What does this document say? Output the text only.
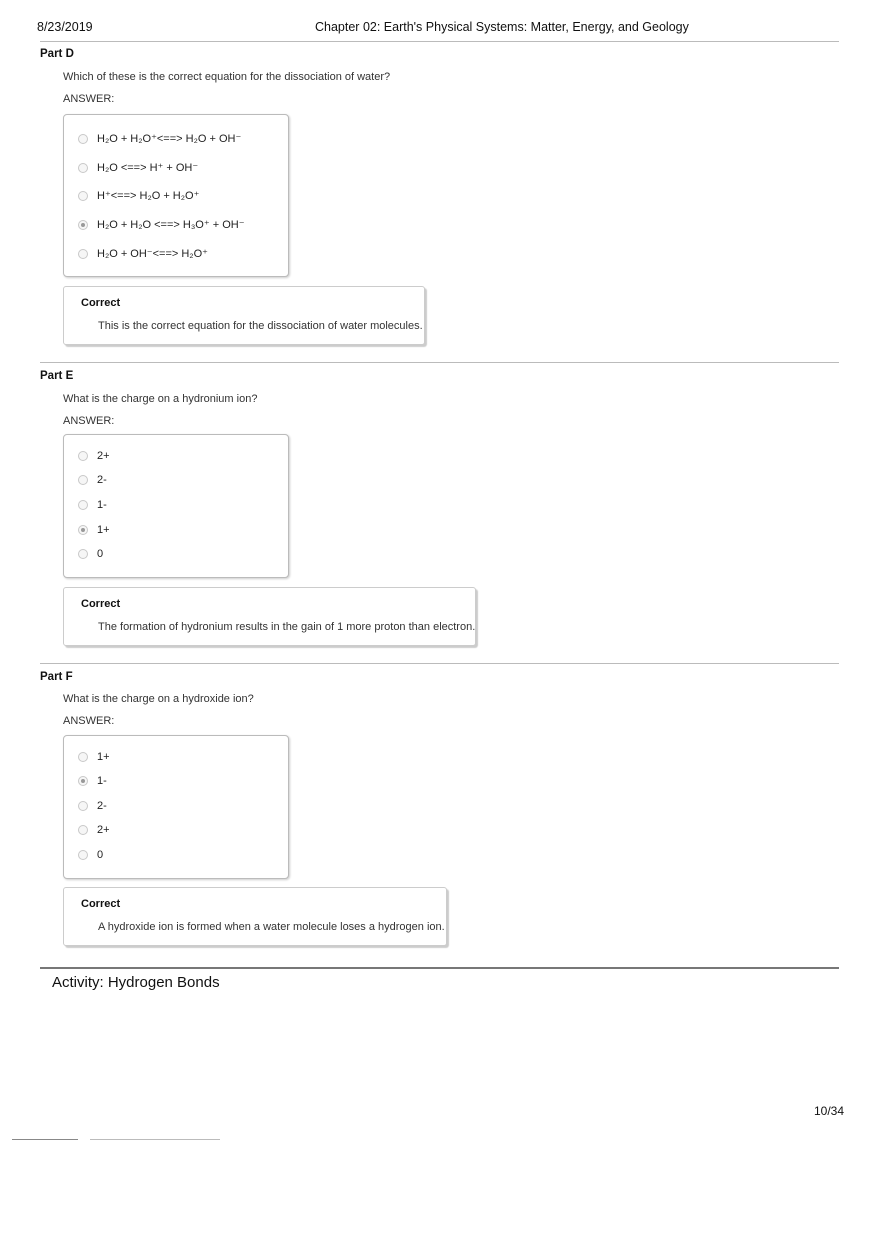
8/23/2019	Chapter 02: Earth's Physical Systems: Matter, Energy, and Geology
Part D
Which of these is the correct equation for the dissociation of water?
ANSWER:
H₂O + H₂O⁺<==> H₂O + OH⁻
H₂O <==> H⁺ + OH⁻
H⁺<==> H₂O + H₂O⁺
H₂O + H₂O <==> H₃O⁺ + OH⁻
H₂O + OH⁻<==> H₂O⁺
Correct
This is the correct equation for the dissociation of water molecules.
Part E
What is the charge on a hydronium ion?
ANSWER:
2+
2-
1-
1+
0
Correct
The formation of hydronium results in the gain of 1 more proton than electron.
Part F
What is the charge on a hydroxide ion?
ANSWER:
1+
1-
2-
2+
0
Correct
A hydroxide ion is formed when a water molecule loses a hydrogen ion.
Activity: Hydrogen Bonds
10/34
